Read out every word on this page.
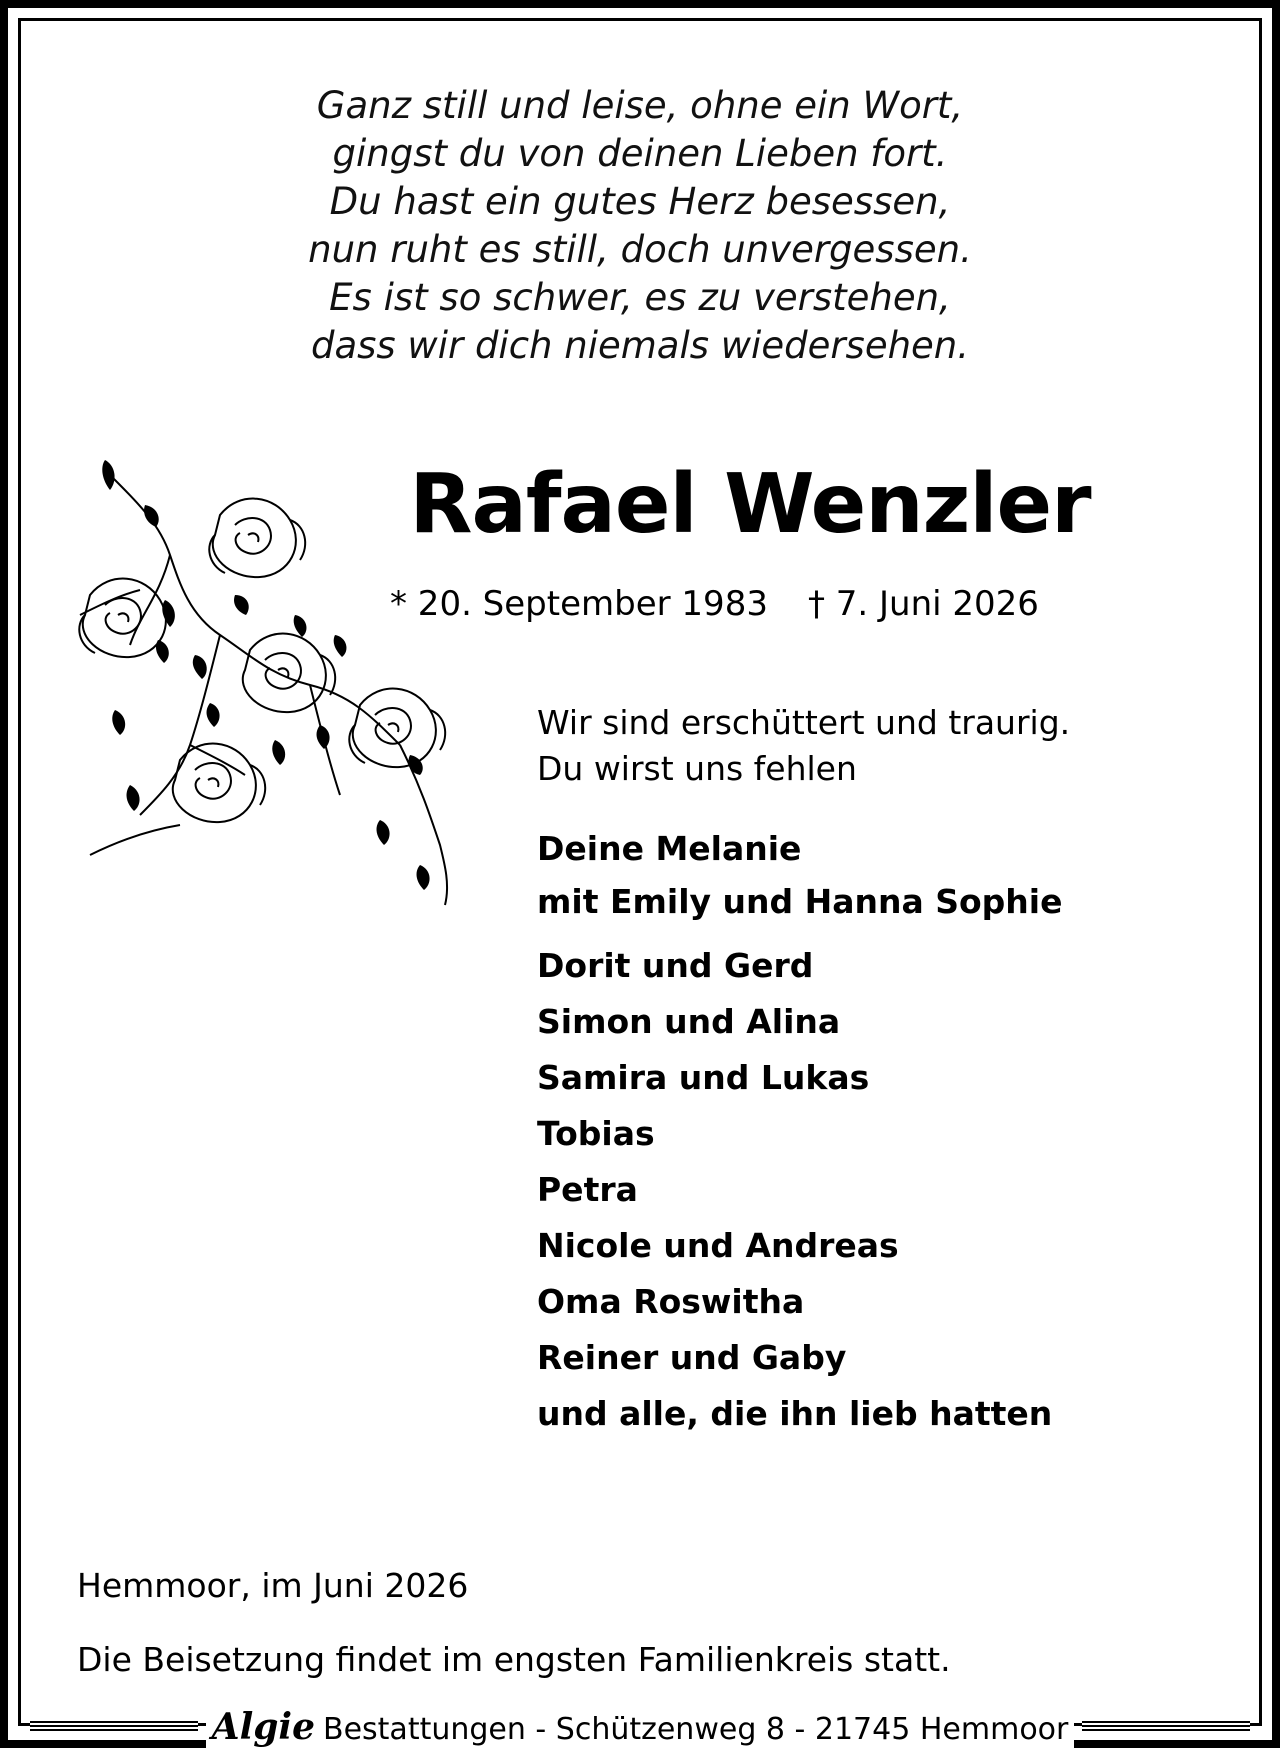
Ganz still und leise, ohne ein Wort,
gingst du von deinen Lieben fort.
Du hast ein gutes Herz besessen,
nun ruht es still, doch unvergessen.
Es ist so schwer, es zu verstehen,
dass wir dich niemals wiedersehen.
Rafael Wenzler
* 20. September 1983 † 7. Juni 2026
Wir sind erschüttert und traurig.
Du wirst uns fehlen
Deine Melanie
mit Emily und Hanna Sophie
Dorit und Gerd
Simon und Alina
Samira und Lukas
Tobias
Petra
Nicole und Andreas
Oma Roswitha
Reiner und Gaby
und alle, die ihn lieb hatten
Hemmoor, im Juni 2026
Die Beisetzung findet im engsten Familienkreis statt.
Algie Bestattungen - Schützenweg 8 - 21745 Hemmoor
